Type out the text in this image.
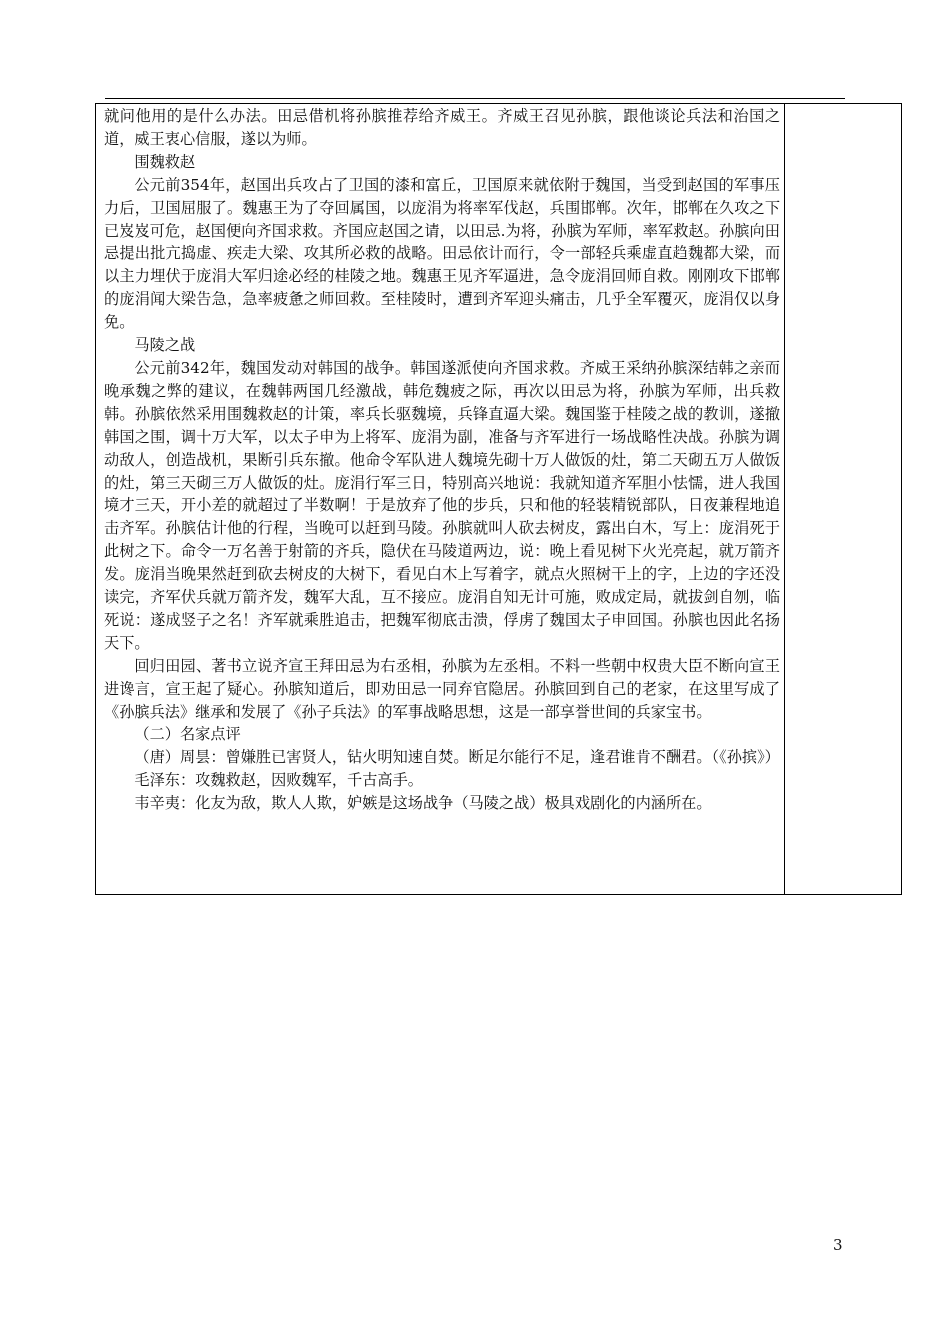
就问他用的是什么办法。田忌借机将孙膑推荐给齐威王。齐威王召见孙膑，跟他谈论兵法和治国之道，威王衷心信服，遂以为师。

围魏救赵

公元前354年，赵国出兵攻占了卫国的漆和富丘，卫国原来就依附于魏国，当受到赵国的军事压力后，卫国屈服了。魏惠王为了夺回属国，以庞涓为将率军伐赵，兵围邯郸。次年，邯郸在久攻之下已岌岌可危，赵国便向齐国求救。齐国应赵国之请，以田忌.为将，孙膑为军师，率军救赵。孙膑向田忌提出批亢捣虚、疾走大梁、攻其所必救的战略。田忌依计而行，令一部轻兵乘虚直趋魏都大梁，而以主力埋伏于庞涓大军归途必经的桂陵之地。魏惠王见齐军逼进，急令庞涓回师自救。刚刚攻下邯郸的庞涓闻大梁告急，急率疲惫之师回救。至桂陵时，遭到齐军迎头痛击，几乎全军覆灭，庞涓仅以身免。

马陵之战

公元前342年，魏国发动对韩国的战争。韩国遂派使向齐国求救。齐威王采纳孙膑深结韩之亲而晚承魏之弊的建议，在魏韩两国几经激战，韩危魏疲之际，再次以田忌为将，孙膑为军师，出兵救韩。孙膑依然采用围魏救赵的计策，率兵长驱魏境，兵锋直逼大梁。魏国鉴于桂陵之战的教训，遂撤韩国之围，调十万大军，以太子申为上将军、庞涓为副，准备与齐军进行一场战略性决战。孙膑为调动敌人，创造战机，果断引兵东撤。他命令军队进人魏境先砌十万人做饭的灶，第二天砌五万人做饭的灶，第三天砌三万人做饭的灶。庞涓行军三日，特别高兴地说：我就知道齐军胆小怯懦，进人我国境才三天，开小差的就超过了半数啊！于是放弃了他的步兵，只和他的轻装精锐部队，日夜兼程地追击齐军。孙膑估计他的行程，当晚可以赶到马陵。孙膑就叫人砍去树皮，露出白木，写上：庞涓死于此树之下。命令一万名善于射箭的齐兵，隐伏在马陵道两边，说：晚上看见树下火光亮起，就万箭齐发。庞涓当晚果然赶到砍去树皮的大树下，看见白木上写着字，就点火照树干上的字，上边的字还没读完，齐军伏兵就万箭齐发，魏军大乱，互不接应。庞涓自知无计可施，败成定局，就拔剑自刎，临死说：遂成竖子之名！齐军就乘胜追击，把魏军彻底击溃，俘虏了魏国太子申回国。孙膑也因此名扬天下。

回归田园、著书立说齐宣王拜田忌为右丞相，孙膑为左丞相。不料一些朝中权贵大臣不断向宣王进谗言，宣王起了疑心。孙膑知道后，即劝田忌一同弃官隐居。孙膑回到自己的老家，在这里写成了《孙膑兵法》继承和发展了《孙子兵法》的军事战略思想，这是一部享誉世间的兵家宝书。

（二）名家点评

（唐）周昙：曾嫌胜已害贤人，钻火明知速自焚。断足尔能行不足，逢君谁肯不酬君。（《孙摈》）

毛泽东：攻魏救赵，因败魏军，千古高手。

韦辛夷：化友为敌，欺人人欺，妒嫉是这场战争（马陵之战）极具戏剧化的内涵所在。

3
